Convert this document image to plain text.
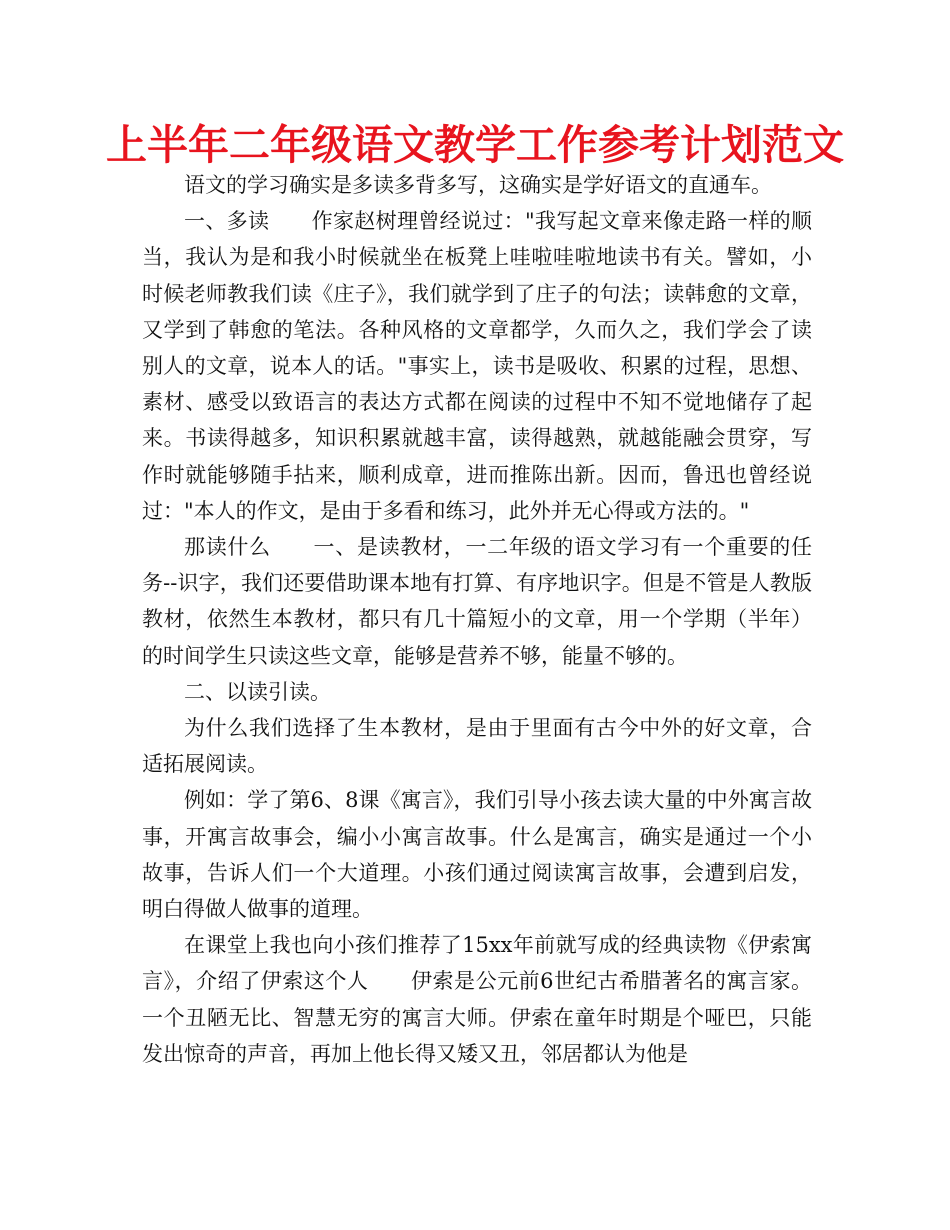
上半年二年级语文教学工作参考计划范文

语文的学习确实是多读多背多写，这确实是学好语文的直通车。

一、多读 作家赵树理曾经说过："我写起文章来像走路一样的顺当，我认为是和我小时候就坐在板凳上哇啦哇啦地读书有关。譬如，小时候老师教我们读《庄子》，我们就学到了庄子的句法；读韩愈的文章，又学到了韩愈的笔法。各种风格的文章都学，久而久之，我们学会了读别人的文章，说本人的话。"事实上，读书是吸收、积累的过程，思想、素材、感受以致语言的表达方式都在阅读的过程中不知不觉地储存了起来。书读得越多，知识积累就越丰富，读得越熟，就越能融会贯穿，写作时就能够随手拈来，顺利成章，进而推陈出新。因而，鲁迅也曾经说过："本人的作文，是由于多看和练习，此外并无心得或方法的。"

那读什么 一、是读教材，一二年级的语文学习有一个重要的任务--识字，我们还要借助课本地有打算、有序地识字。但是不管是人教版教材，依然生本教材，都只有几十篇短小的文章，用一个学期（半年）的时间学生只读这些文章，能够是营养不够，能量不够的。

二、以读引读。

为什么我们选择了生本教材，是由于里面有古今中外的好文章，合适拓展阅读。

例如：学了第6、8课《寓言》，我们引导小孩去读大量的中外寓言故事，开寓言故事会，编小小寓言故事。什么是寓言，确实是通过一个小故事，告诉人们一个大道理。小孩们通过阅读寓言故事，会遭到启发，明白得做人做事的道理。

在课堂上我也向小孩们推荐了15xx年前就写成的经典读物《伊索寓言》，介绍了伊索这个人 伊索是公元前6世纪古希腊著名的寓言家。一个丑陋无比、智慧无穷的寓言大师。伊索在童年时期是个哑巴，只能发出惊奇的声音，再加上他长得又矮又丑，邻居都认为他是
